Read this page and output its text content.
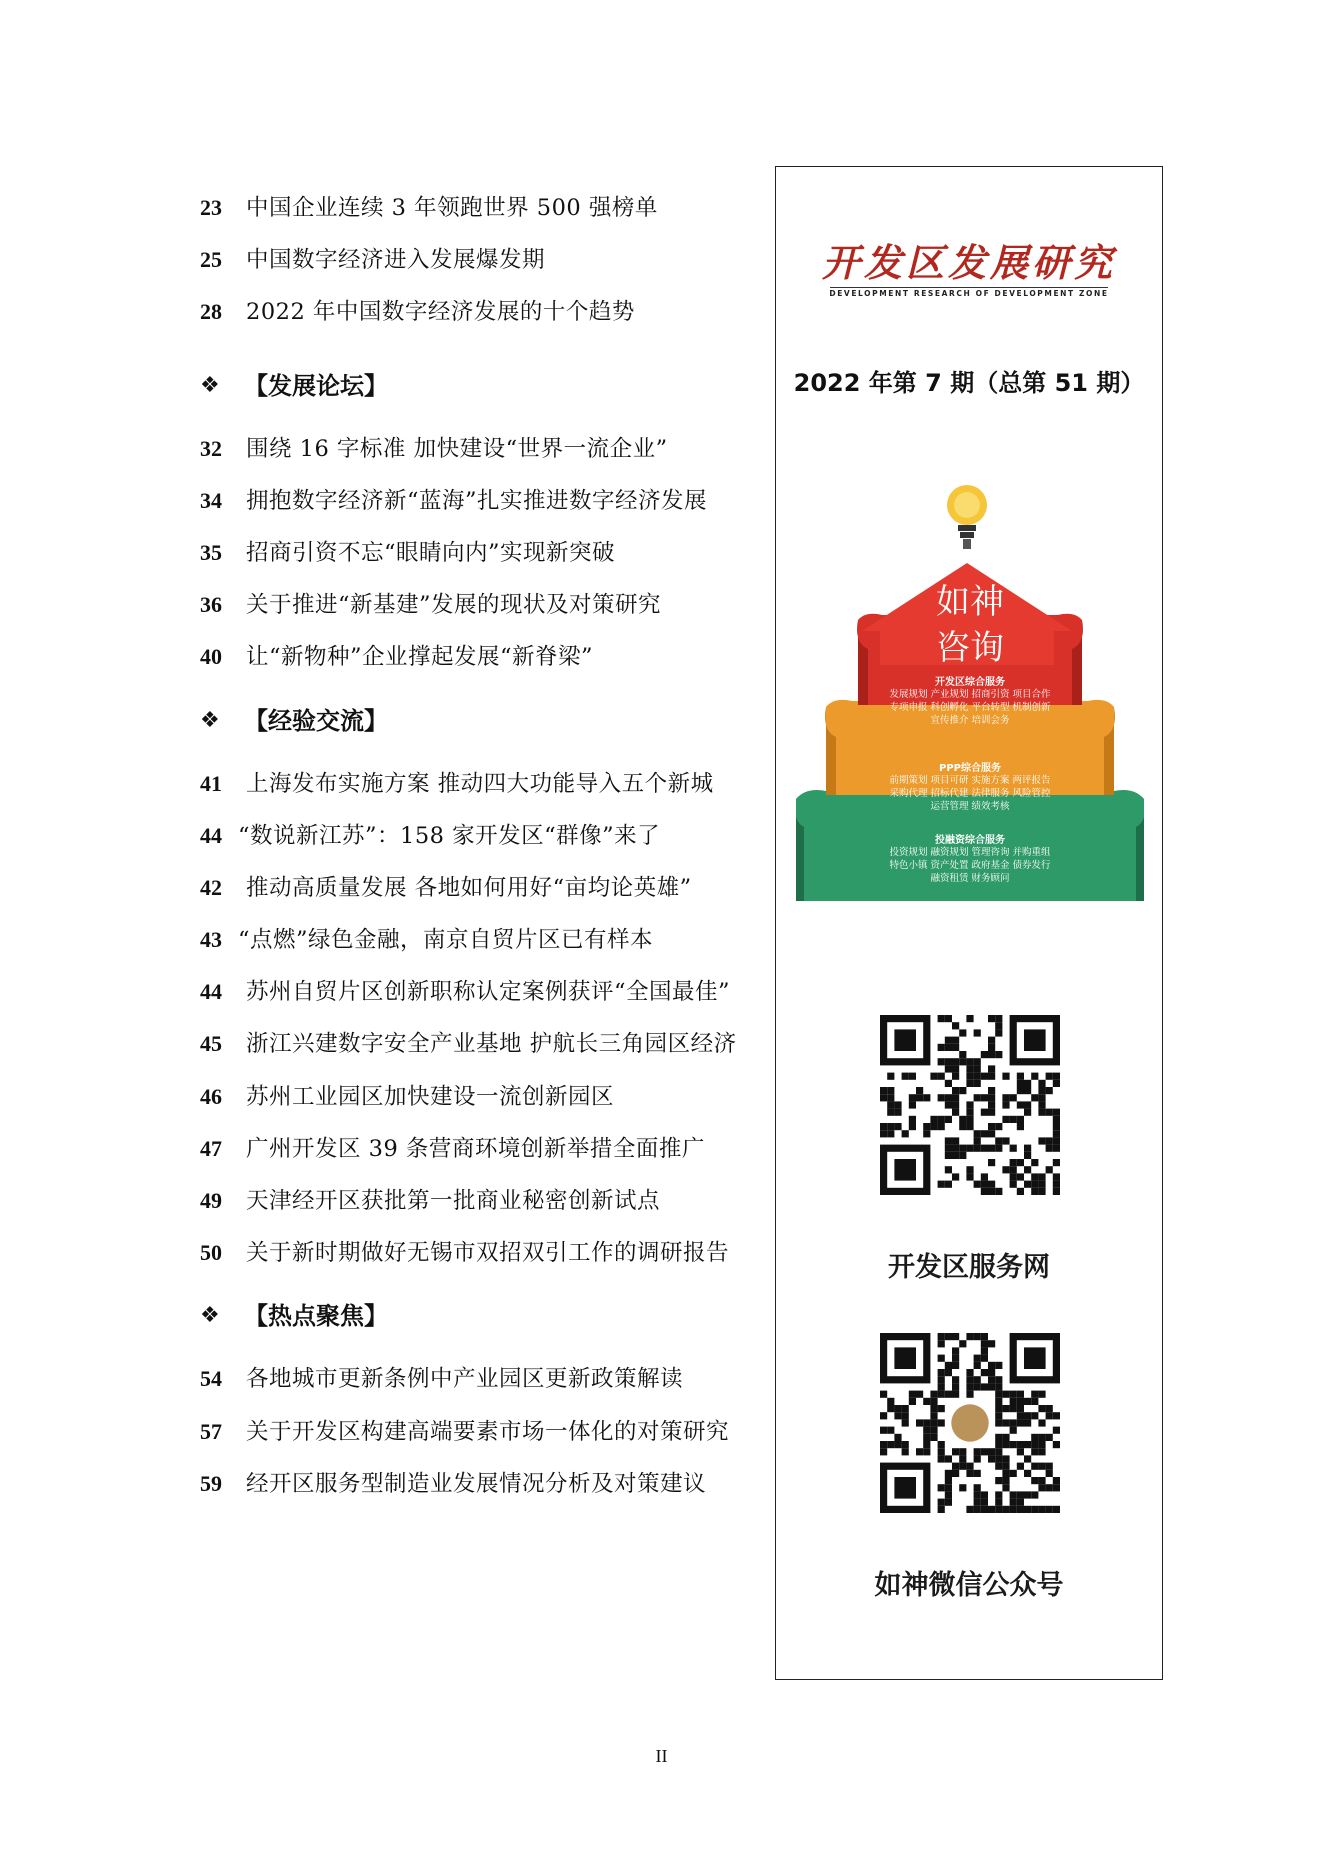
23	中国企业连续 3 年领跑世界 500 强榜单
25	中国数字经济进入发展爆发期
28	2022 年中国数字经济发展的十个趋势
❖ 【发展论坛】
32	围绕 16 字标准 加快建设“世界一流企业”
34	拥抱数字经济新“蓝海”扎实推进数字经济发展
35	招商引资不忘“眼睛向内”实现新突破
36	关于推进“新基建”发展的现状及对策研究
40	让“新物种”企业撑起发展“新脊梁”
❖ 【经验交流】
41	上海发布实施方案 推动四大功能导入五个新城
44 “数说新江苏”：158 家开发区“群像”来了
42	推动高质量发展 各地如何用好“亩均论英雄”
43 “点燃”绿色金融，南京自贸片区已有样本
44	苏州自贸片区创新职称认定案例获评“全国最佳”
45	浙江兴建数字安全产业基地 护航长三角园区经济
46	苏州工业园区加快建设一流创新园区
47	广州开发区 39 条营商环境创新举措全面推广
49	天津经开区获批第一批商业秘密创新试点
50	关于新时期做好无锡市双招双引工作的调研报告
❖ 【热点聚焦】
54	各地城市更新条例中产业园区更新政策解读
57	关于开发区构建高端要素市场一体化的对策研究
59	经开区服务型制造业发展情况分析及对策建议
开发区发展研究
DEVELOPMENT RESEARCH OF DEVELOPMENT ZONE
2022 年第 7 期（总第 51 期）
如神
咨询
开发区综合服务
发展规划 产业规划 招商引资 项目合作
专项申报 科创孵化 平台转型 机制创新
宣传推介 培训会务
PPP综合服务
前期策划 项目可研 实施方案 两评报告
采购代理 招标代建 法律服务 风险管控
运营管理 绩效考核
投融资综合服务
投资规划 融资规划 管理咨询 并购重组
特色小镇 资产处置 政府基金 债券发行
融资租赁 财务顾问
开发区服务网
如神微信公众号
II
